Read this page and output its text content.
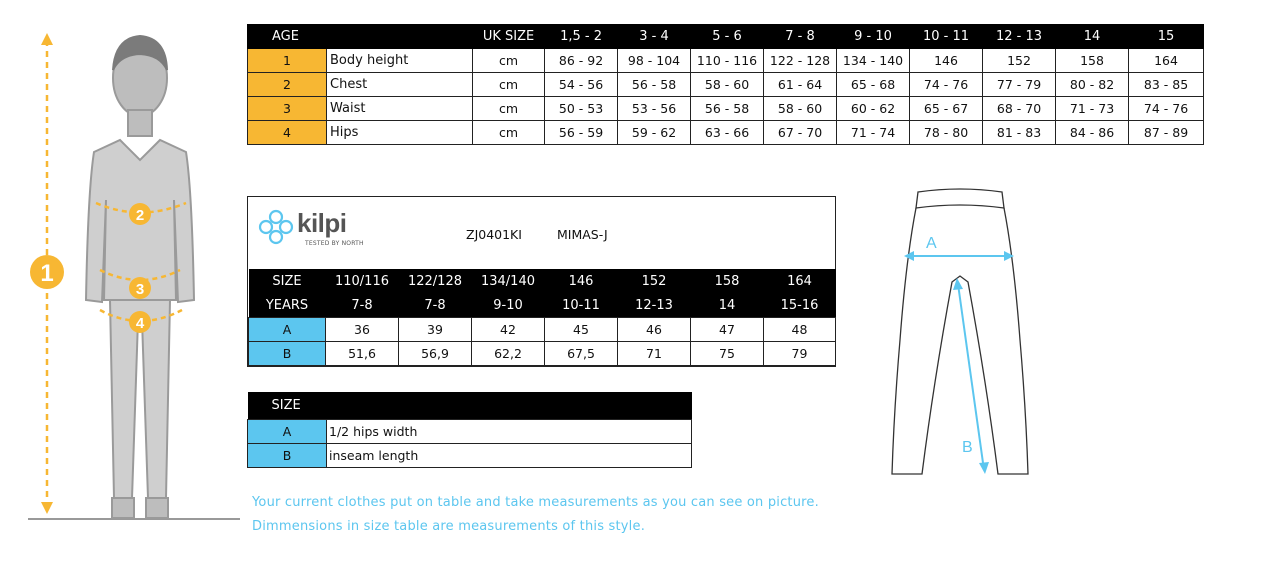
1
2
3
4
AGE		UK SIZE	1,5 - 2	3 - 4	5 - 6	7 - 8	9 - 10	10 - 11	12 - 13	14	15
1	Body height	cm	86 - 92	98 - 104	110 - 116	122 - 128	134 - 140	146	152	158	164
2	Chest	cm	54 - 56	56 - 58	58 - 60	61 - 64	65 - 68	74 - 76	77 - 79	80 - 82	83 - 85
3	Waist	cm	50 - 53	53 - 56	56 - 58	58 - 60	60 - 62	65 - 67	68 - 70	71 - 73	74 - 76
4	Hips	cm	56 - 59	59 - 62	63 - 66	67 - 70	71 - 74	78 - 80	81 - 83	84 - 86	87 - 89
kilpi
TESTED BY NORTH
ZJ0401KI	MIMAS-J
SIZE	110/116	122/128	134/140	146	152	158	164
YEARS	7-8	7-8	9-10	10-11	12-13	14	15-16
A	36	39	42	45	46	47	48
B	51,6	56,9	62,2	67,5	71	75	79
SIZE	
A	1/2 hips width
B	inseam length
A
B
Your current clothes put on table and take measurements as you can see on picture.
Dimmensions in size table are measurements of this style.
